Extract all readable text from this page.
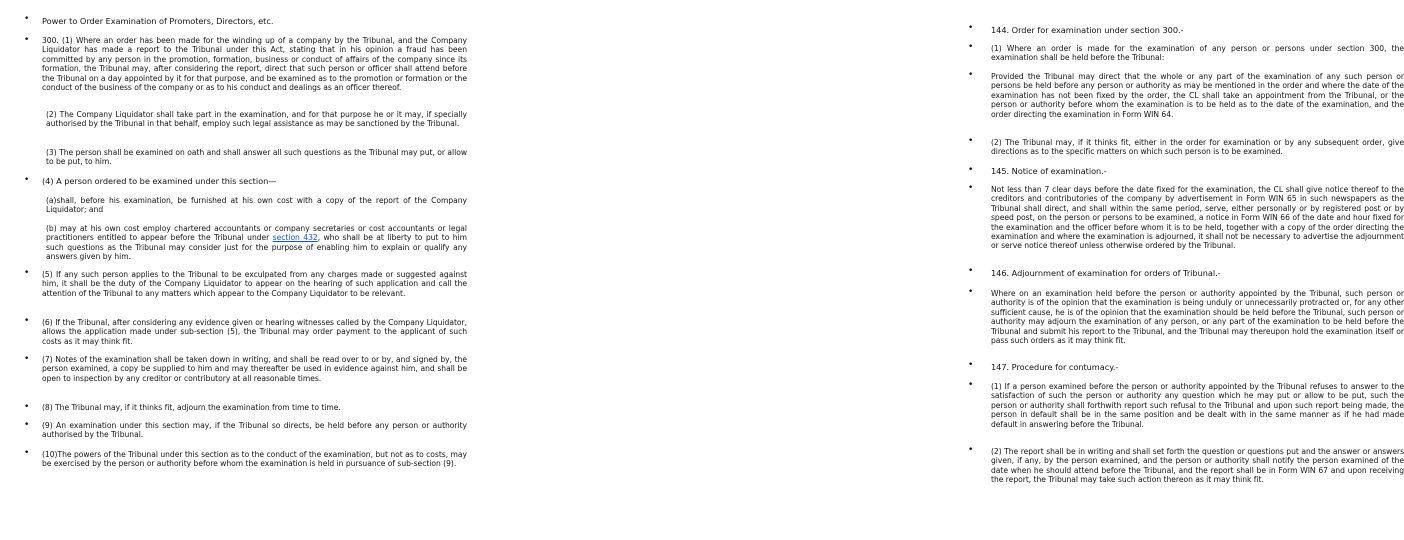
• Power to Order Examination of Promoters, Directors, etc.
• 300. (1) Where an order has been made for the winding up of a company by the Tribunal, and the Company Liquidator has made a report to the Tribunal under this Act, stating that in his opinion a fraud has been committed by any person in the promotion, formation, business or conduct of affairs of the company since its formation, the Tribunal may, after considering the report, direct that such person or officer shall attend before the Tribunal on a day appointed by it for that purpose, and be examined as to the promotion or formation or the conduct of the business of the company or as to his conduct and dealings as an officer thereof.
(2) The Company Liquidator shall take part in the examination, and for that purpose he or it may, if specially authorised by the Tribunal in that behalf, employ such legal assistance as may be sanctioned by the Tribunal.
(3) The person shall be examined on oath and shall answer all such questions as the Tribunal may put, or allow to be put, to him.
• (4) A person ordered to be examined under this section—
(a)shall, before his examination, be furnished at his own cost with a copy of the report of the Company Liquidator; and
(b) may at his own cost employ chartered accountants or company secretaries or cost accountants or legal practitioners entitled to appear before the Tribunal under section 432, who shall be at liberty to put to him such questions as the Tribunal may consider just for the purpose of enabling him to explain or qualify any answers given by him.
• (5) If any such person applies to the Tribunal to be exculpated from any charges made or suggested against him, it shall be the duty of the Company Liquidator to appear on the hearing of such application and call the attention of the Tribunal to any matters which appear to the Company Liquidator to be relevant.
• (6) If the Tribunal, after considering any evidence given or hearing witnesses called by the Company Liquidator, allows the application made under sub-section (5), the Tribunal may order payment to the applicant of such costs as it may think fit.
• (7) Notes of the examination shall be taken down in writing, and shall be read over to or by, and signed by, the person examined, a copy be supplied to him and may thereafter be used in evidence against him, and shall be open to inspection by any creditor or contributory at all reasonable times.
• (8) The Tribunal may, if it thinks fit, adjourn the examination from time to time.
• (9) An examination under this section may, if the Tribunal so directs, be held before any person or authority authorised by the Tribunal.
• (10)The powers of the Tribunal under this section as to the conduct of the examination, but not as to costs, may be exercised by the person or authority before whom the examination is held in pursuance of sub-section (9).
• 144. Order for examination under section 300.-
• (1) Where an order is made for the examination of any person or persons under section 300, the examination shall be held before the Tribunal:
• Provided the Tribunal may direct that the whole or any part of the examination of any such person or persons be held before any person or authority as may be mentioned in the order and where the date of the examination has not been fixed by the order, the CL shall take an appointment from the Tribunal, or the person or authority before whom the examination is to be held as to the date of the examination, and the order directing the examination in Form WIN 64.
• (2) The Tribunal may, if it thinks fit, either in the order for examination or by any subsequent order, give directions as to the specific matters on which such person is to be examined.
• 145. Notice of examination.-
• Not less than 7 clear days before the date fixed for the examination, the CL shall give notice thereof to the creditors and contributories of the company by advertisement in Form WIN 65 in such newspapers as the Tribunal shall direct, and shall within the same period, serve, either personally or by registered post or by speed post, on the person or persons to be examined, a notice in Form WIN 66 of the date and hour fixed for the examination and the officer before whom it is to be held, together with a copy of the order directing the examination and where the examination is adjourned, it shall not be necessary to advertise the adjournment or serve notice thereof unless otherwise ordered by the Tribunal.
• 146. Adjournment of examination for orders of Tribunal.-
• Where on an examination held before the person or authority appointed by the Tribunal, such person or authority is of the opinion that the examination is being unduly or unnecessarily protracted or, for any other sufficient cause, he is of the opinion that the examination should be held before the Tribunal, such person or authority may adjourn the examination of any person, or any part of the examination to be held before the Tribunal and submit his report to the Tribunal, and the Tribunal may thereupon hold the examination itself or pass such orders as it may think fit.
• 147. Procedure for contumacy.-
• (1) If a person examined before the person or authority appointed by the Tribunal refuses to answer to the satisfaction of such the person or authority any question which he may put or allow to be put, such the person or authority shall forthwith report such refusal to the Tribunal and upon such report being made, the person in default shall be in the same position and be dealt with in the same manner as if he had made default in answering before the Tribunal.
• (2) The report shall be in writing and shall set forth the question or questions put and the answer or answers given, if any, by the person examined, and the person or authority shall notify the person examined of the date when he should attend before the Tribunal, and the report shall be in Form WIN 67 and upon receiving the report, the Tribunal may take such action thereon as it may think fit.
